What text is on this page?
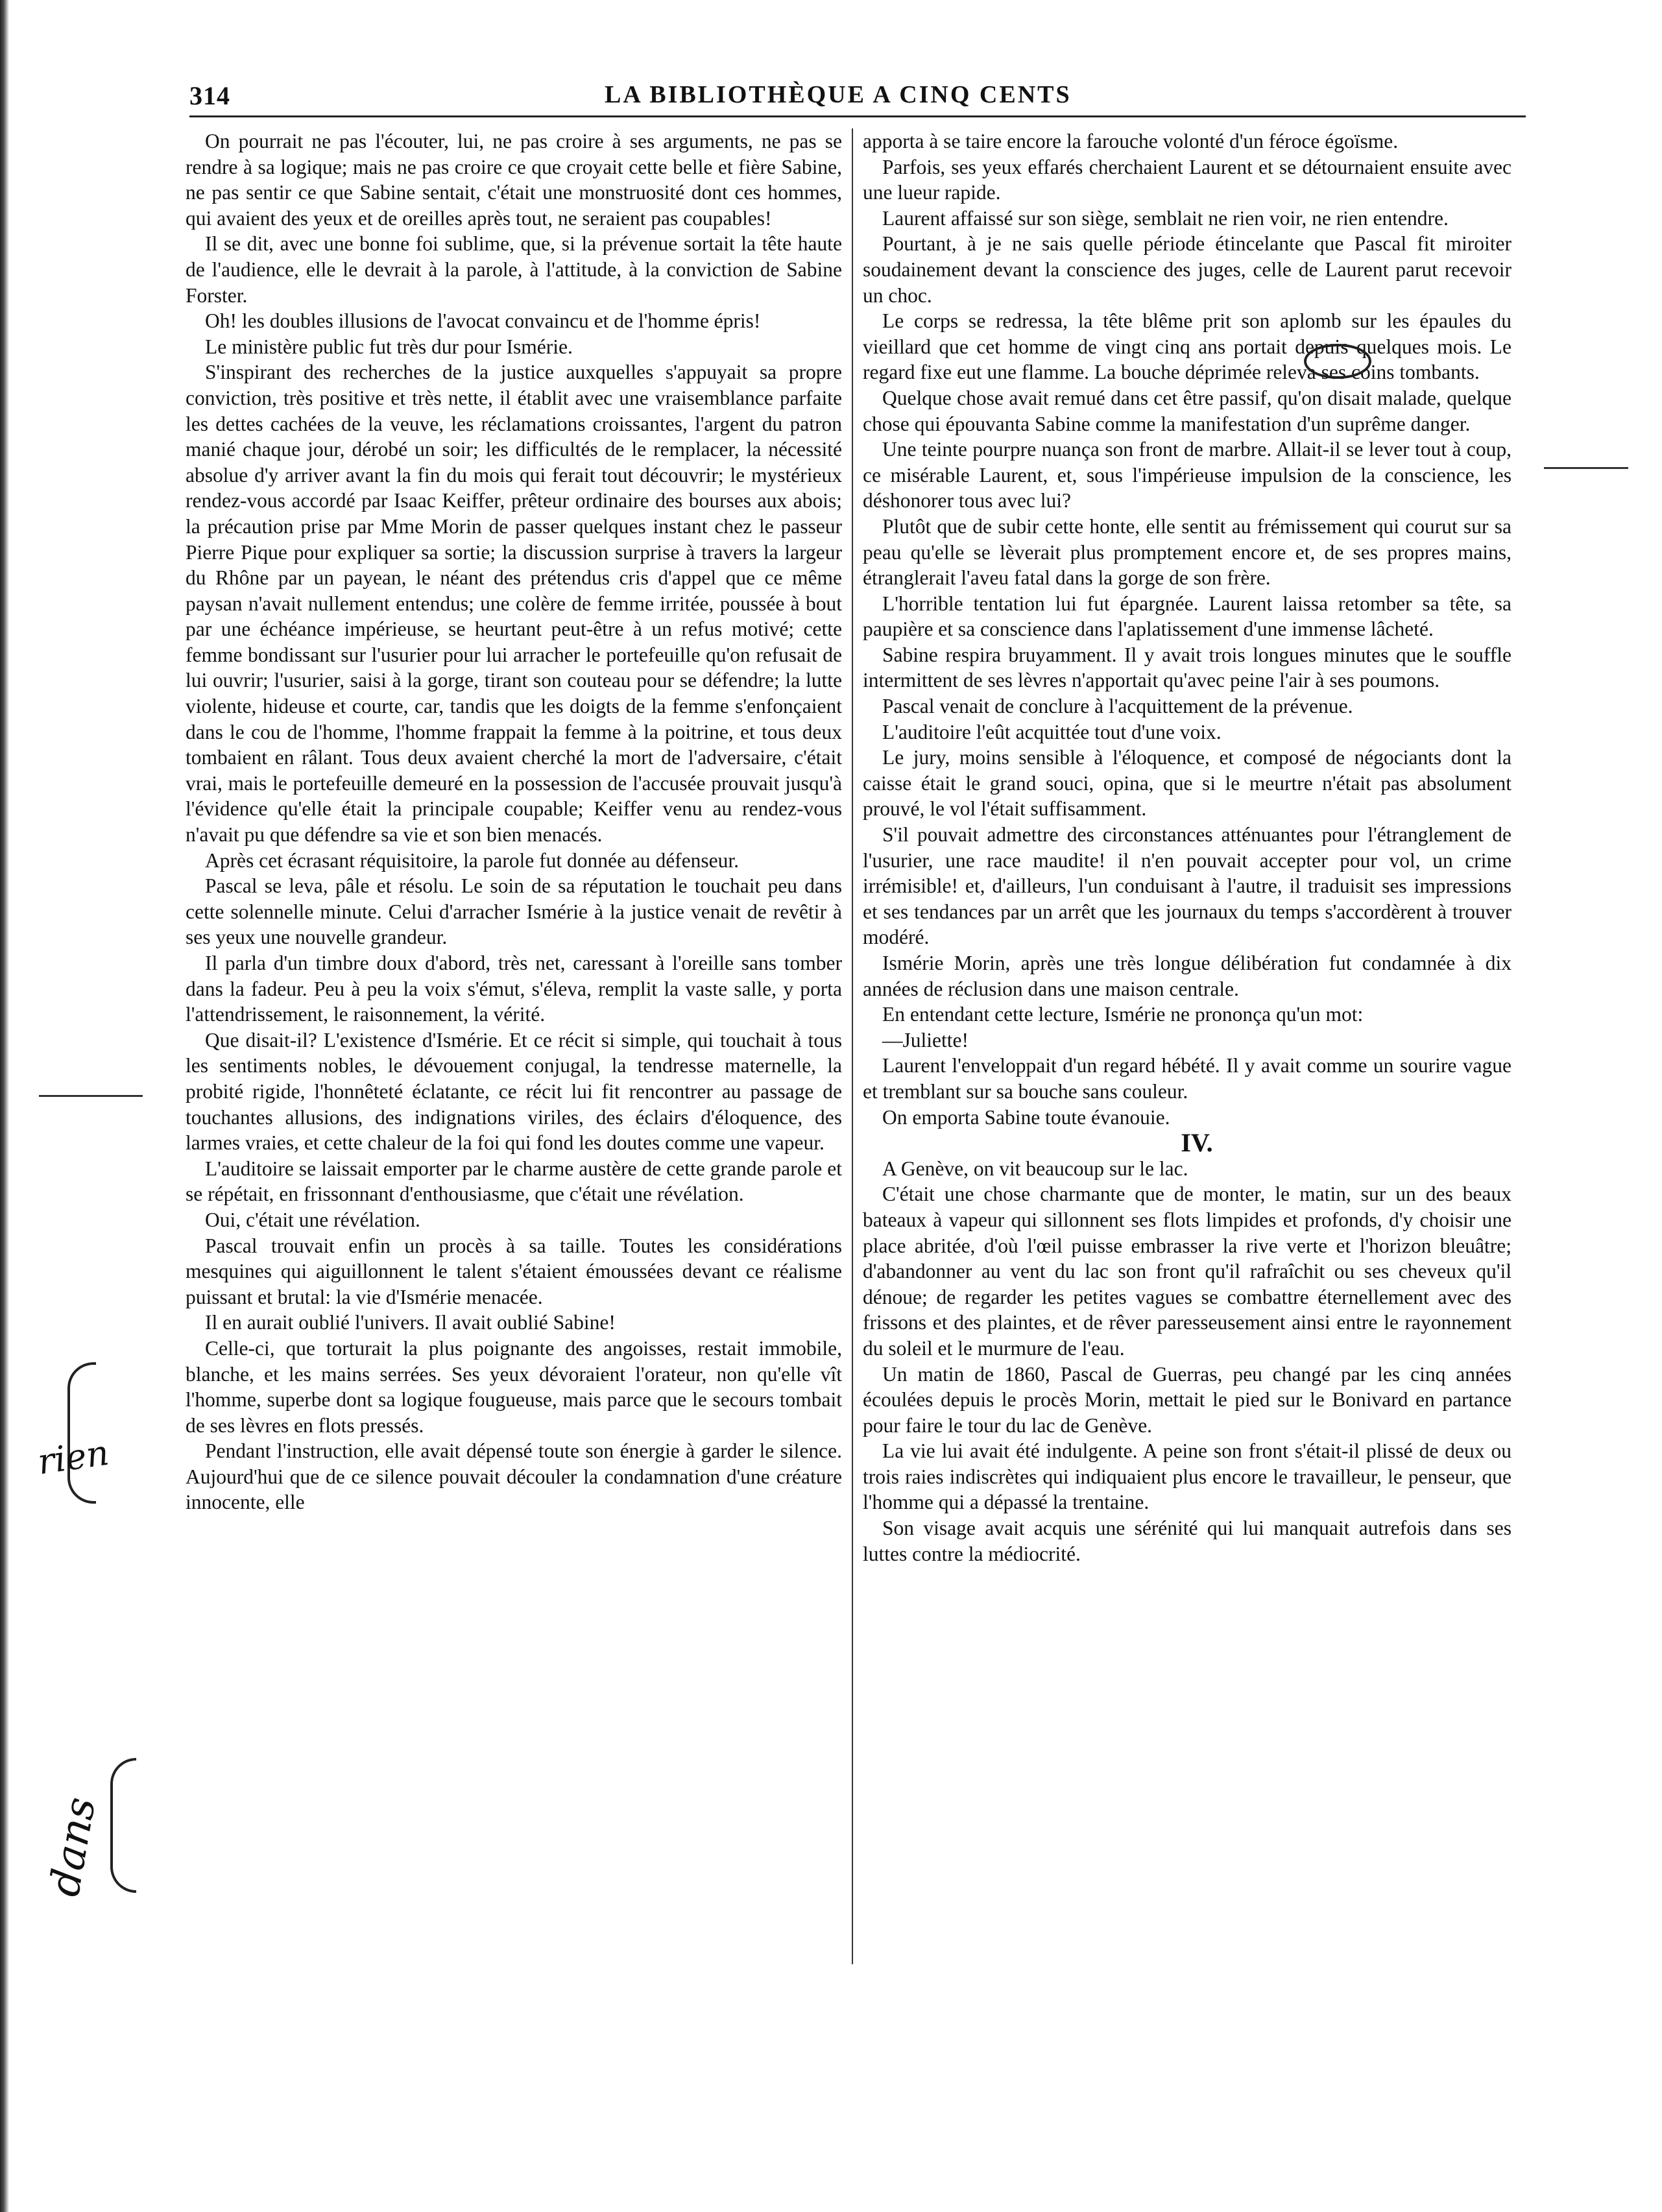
314	LA BIBLIOTHÈQUE A CINQ CENTS

On pourrait ne pas l'écouter, lui, ne pas croire à ses arguments, ne pas se rendre à sa logique; mais ne pas croire ce que croyait cette belle et fière Sabine, ne pas sentir ce que Sabine sentait, c'était une monstruosité dont ces hommes, qui avaient des yeux et de oreilles après tout, ne seraient pas coupables!

Il se dit, avec une bonne foi sublime, que, si la prévenue sortait la tête haute de l'audience, elle le devrait à la parole, à l'attitude, à la conviction de Sabine Forster.

Oh! les doubles illusions de l'avocat convaincu et de l'homme épris!

Le ministère public fut très dur pour Ismérie.

S'inspirant des recherches de la justice auxquelles s'appuyait sa propre conviction, très positive et très nette, il établit avec une vraisemblance parfaite les dettes cachées de la veuve, les réclamations croissantes, l'argent du patron manié chaque jour, dérobé un soir; les difficultés de le remplacer, la nécessité absolue d'y arriver avant la fin du mois qui ferait tout découvrir; le mystérieux rendez-vous accordé par Isaac Keiffer, prêteur ordinaire des bourses aux abois; la précaution prise par Mme Morin de passer quelques instant chez le passeur Pierre Pique pour expliquer sa sortie; la discussion surprise à travers la largeur du Rhône par un payean, le néant des prétendus cris d'appel que ce même paysan n'avait nullement entendus; une colère de femme irritée, poussée à bout par une échéance impérieuse, se heurtant peut-être à un refus motivé; cette femme bondissant sur l'usurier pour lui arracher le portefeuille qu'on refusait de lui ouvrir; l'usurier, saisi à la gorge, tirant son couteau pour se défendre; la lutte violente, hideuse et courte, car, tandis que les doigts de la femme s'enfonçaient dans le cou de l'homme, l'homme frappait la femme à la poitrine, et tous deux tombaient en râlant. Tous deux avaient cherché la mort de l'adversaire, c'était vrai, mais le portefeuille demeuré en la possession de l'accusée prouvait jusqu'à l'évidence qu'elle était la principale coupable; Keiffer venu au rendez-vous n'avait pu que défendre sa vie et son bien menacés.

Après cet écrasant réquisitoire, la parole fut donnée au défenseur.

Pascal se leva, pâle et résolu. Le soin de sa réputation le touchait peu dans cette solennelle minute. Celui d'arracher Ismérie à la justice venait de revêtir à ses yeux une nouvelle grandeur.

Il parla d'un timbre doux d'abord, très net, caressant à l'oreille sans tomber dans la fadeur. Peu à peu la voix s'émut, s'éleva, remplit la vaste salle, y porta l'attendrissement, le raisonnement, la vérité.

Que disait-il? L'existence d'Ismérie. Et ce récit si simple, qui touchait à tous les sentiments nobles, le dévouement conjugal, la tendresse maternelle, la probité rigide, l'honnêteté éclatante, ce récit lui fit rencontrer au passage de touchantes allusions, des indignations viriles, des éclairs d'éloquence, des larmes vraies, et cette chaleur de la foi qui fond les doutes comme une vapeur.

L'auditoire se laissait emporter par le charme austère de cette grande parole et se répétait, en frissonnant d'enthousiasme, que c'était une révélation.

Oui, c'était une révélation.

Pascal trouvait enfin un procès à sa taille. Toutes les considérations mesquines qui aiguillonnent le talent s'étaient émoussées devant ce réalisme puissant et brutal: la vie d'Ismérie menacée.

Il en aurait oublié l'univers. Il avait oublié Sabine!

Celle-ci, que torturait la plus poignante des angoisses, restait immobile, blanche, et les mains serrées. Ses yeux dévoraient l'orateur, non qu'elle vît l'homme, superbe dont sa logique fougueuse, mais parce que le secours tombait de ses lèvres en flots pressés.

Pendant l'instruction, elle avait dépensé toute son énergie à garder le silence. Aujourd'hui que de ce silence pouvait découler la condamnation d'une créature innocente, elle

apporta à se taire encore la farouche volonté d'un féroce égoïsme.

Parfois, ses yeux effarés cherchaient Laurent et se détournaient ensuite avec une lueur rapide.

Laurent affaissé sur son siège, semblait ne rien voir, ne rien entendre.

Pourtant, à je ne sais quelle période étincelante que Pascal fit miroiter soudainement devant la conscience des juges, celle de Laurent parut recevoir un choc.

Le corps se redressa, la tête blême prit son aplomb sur les épaules du vieillard que cet homme de vingt cinq ans portait depuis quelques mois. Le regard fixe eut une flamme. La bouche déprimée releva ses coins tombants.

Quelque chose avait remué dans cet être passif, qu'on disait malade, quelque chose qui épouvanta Sabine comme la manifestation d'un suprême danger.

Une teinte pourpre nuança son front de marbre. Allait-il se lever tout à coup, ce misérable Laurent, et, sous l'impérieuse impulsion de la conscience, les déshonorer tous avec lui?

Plutôt que de subir cette honte, elle sentit au frémissement qui courut sur sa peau qu'elle se lèverait plus promptement encore et, de ses propres mains, étranglerait l'aveu fatal dans la gorge de son frère.

L'horrible tentation lui fut épargnée. Laurent laissa retomber sa tête, sa paupière et sa conscience dans l'aplatissement d'une immense lâcheté.

Sabine respira bruyamment. Il y avait trois longues minutes que le souffle intermittent de ses lèvres n'apportait qu'avec peine l'air à ses poumons.

Pascal venait de conclure à l'acquittement de la prévenue.

L'auditoire l'eût acquittée tout d'une voix.

Le jury, moins sensible à l'éloquence, et composé de négociants dont la caisse était le grand souci, opina, que si le meurtre n'était pas absolument prouvé, le vol l'était suffisamment.

S'il pouvait admettre des circonstances atténuantes pour l'étranglement de l'usurier, une race maudite! il n'en pouvait accepter pour vol, un crime irrémisible! et, d'ailleurs, l'un conduisant à l'autre, il traduisit ses impressions et ses tendances par un arrêt que les journaux du temps s'accordèrent à trouver modéré.

Ismérie Morin, après une très longue délibération fut condamnée à dix années de réclusion dans une maison centrale.

En entendant cette lecture, Ismérie ne prononça qu'un mot:

—Juliette!

Laurent l'enveloppait d'un regard hébété. Il y avait comme un sourire vague et tremblant sur sa bouche sans couleur.

On emporta Sabine toute évanouie.

IV.

A Genève, on vit beaucoup sur le lac.

C'était une chose charmante que de monter, le matin, sur un des beaux bateaux à vapeur qui sillonnent ses flots limpides et profonds, d'y choisir une place abritée, d'où l'œil puisse embrasser la rive verte et l'horizon bleuâtre; d'abandonner au vent du lac son front qu'il rafraîchit ou ses cheveux qu'il dénoue; de regarder les petites vagues se combattre éternellement avec des frissons et des plaintes, et de rêver paresseusement ainsi entre le rayonnement du soleil et le murmure de l'eau.

Un matin de 1860, Pascal de Guerras, peu changé par les cinq années écoulées depuis le procès Morin, mettait le pied sur le Bonivard en partance pour faire le tour du lac de Genève.

La vie lui avait été indulgente. A peine son front s'était-il plissé de deux ou trois raies indiscrètes qui indiquaient plus encore le travailleur, le penseur, que l'homme qui a dépassé la trentaine.

Son visage avait acquis une sérénité qui lui manquait autrefois dans ses luttes contre la médiocrité.

rien
dans
